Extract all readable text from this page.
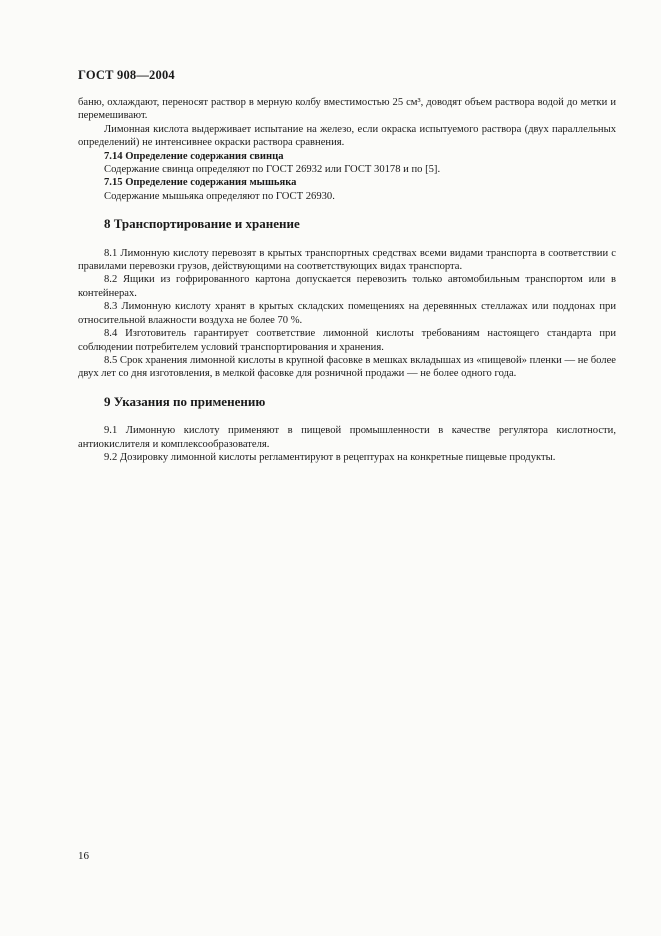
ГОСТ 908—2004

баню, охлаждают, переносят раствор в мерную колбу вместимостью 25 см³, доводят объем раствора водой до метки и перемешивают.

Лимонная кислота выдерживает испытание на железо, если окраска испытуемого раствора (двух параллельных определений) не интенсивнее окраски раствора сравнения.

7.14 Определение содержания свинца

Содержание свинца определяют по ГОСТ 26932 или ГОСТ 30178 и по [5].

7.15 Определение содержания мышьяка

Содержание мышьяка определяют по ГОСТ 26930.

8 Транспортирование и хранение

8.1 Лимонную кислоту перевозят в крытых транспортных средствах всеми видами транспорта в соответствии с правилами перевозки грузов, действующими на соответствующих видах транспорта.

8.2 Ящики из гофрированного картона допускается перевозить только автомобильным транспортом или в контейнерах.

8.3 Лимонную кислоту хранят в крытых складских помещениях на деревянных стеллажах или поддонах при относительной влажности воздуха не более 70 %.

8.4 Изготовитель гарантирует соответствие лимонной кислоты требованиям настоящего стандарта при соблюдении потребителем условий транспортирования и хранения.

8.5 Срок хранения лимонной кислоты в крупной фасовке в мешках вкладышах из «пищевой» пленки — не более двух лет со дня изготовления, в мелкой фасовке для розничной продажи — не более одного года.

9 Указания по применению

9.1 Лимонную кислоту применяют в пищевой промышленности в качестве регулятора кислотности, антиокислителя и комплексообразователя.

9.2 Дозировку лимонной кислоты регламентируют в рецептурах на конкретные пищевые продукты.

16
